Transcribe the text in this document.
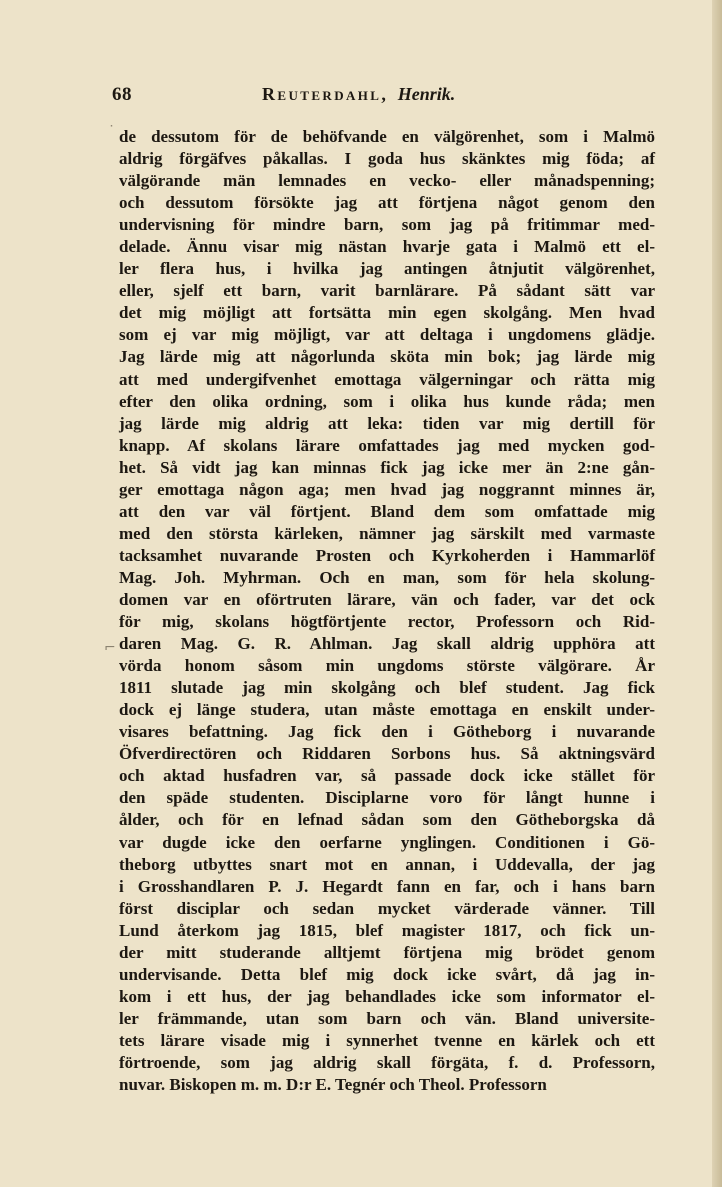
68	Reuterdahl, Henrik.
˙
⌐
de dessutom för de behöfvande en välgörenhet, som i Malmö
aldrig förgäfves påkallas. I goda hus skänktes mig föda; af
välgörande män lemnades en vecko- eller månadspenning;
och dessutom försökte jag att förtjena något genom den
undervisning för mindre barn, som jag på fritimmar med-
delade. Ännu visar mig nästan hvarje gata i Malmö ett el-
ler flera hus, i hvilka jag antingen åtnjutit välgörenhet,
eller, sjelf ett barn, varit barnlärare. På sådant sätt var
det mig möjligt att fortsätta min egen skolgång. Men hvad
som ej var mig möjligt, var att deltaga i ungdomens glädje.
Jag lärde mig att någorlunda sköta min bok; jag lärde mig
att med undergifvenhet emottaga välgerningar och rätta mig
efter den olika ordning, som i olika hus kunde råda; men
jag lärde mig aldrig att leka: tiden var mig dertill för
knapp. Af skolans lärare omfattades jag med mycken god-
het. Så vidt jag kan minnas fick jag icke mer än 2:ne gån-
ger emottaga någon aga; men hvad jag noggrannt minnes är,
att den var väl förtjent. Bland dem som omfattade mig
med den största kärleken, nämner jag särskilt med varmaste
tacksamhet nuvarande Prosten och Kyrkoherden i Hammarlöf
Mag. Joh. Myhrman. Och en man, som för hela skolung-
domen var en oförtruten lärare, vän och fader, var det ock
för mig, skolans högtförtjente rector, Professorn och Rid-
daren Mag. G. R. Ahlman. Jag skall aldrig upphöra att
vörda honom såsom min ungdoms störste välgörare. År
1811 slutade jag min skolgång och blef student. Jag fick
dock ej länge studera, utan måste emottaga en enskilt under-
visares befattning. Jag fick den i Götheborg i nuvarande
Öfverdirectören och Riddaren Sorbons hus. Så aktningsvärd
och aktad husfadren var, så passade dock icke stället för
den späde studenten. Disciplarne voro för långt hunne i
ålder, och för en lefnad sådan som den Götheborgska då
var dugde icke den oerfarne ynglingen. Conditionen i Gö-
theborg utbyttes snart mot en annan, i Uddevalla, der jag
i Grosshandlaren P. J. Hegardt fann en far, och i hans barn
först disciplar och sedan mycket värderade vänner. Till
Lund återkom jag 1815, blef magister 1817, och fick un-
der mitt studerande alltjemt förtjena mig brödet genom
undervisande. Detta blef mig dock icke svårt, då jag in-
kom i ett hus, der jag behandlades icke som informator el-
ler främmande, utan som barn och vän. Bland universite-
tets lärare visade mig i synnerhet tvenne en kärlek och ett
förtroende, som jag aldrig skall förgäta, f. d. Professorn,
nuvar. Biskopen m. m. D:r E. Tegnér och Theol. Professorn
